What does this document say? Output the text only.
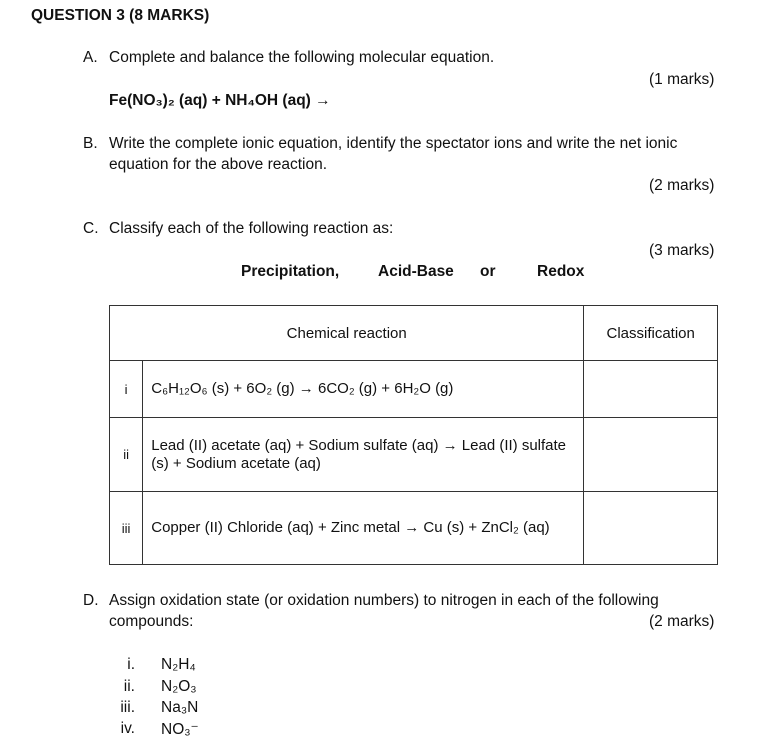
QUESTION 3 (8 MARKS)
A. Complete and balance the following molecular equation.
(1 marks)
Fe(NO₃)₂ (aq) + NH₄OH (aq) →
B. Write the complete ionic equation, identify the spectator ions and write the net ionic
equation for the above reaction.
(2 marks)
C. Classify each of the following reaction as:
(3 marks)
Precipitation,	Acid-Base or	Redox
Chemical reaction		Classification
i	C₆H₁₂O₆ (s) + 6O₂ (g) → 6CO₂ (g) + 6H₂O (g)	
ii	Lead (II) acetate (aq) + Sodium sulfate (aq) → Lead (II) sulfate (s) + Sodium acetate (aq)	
iii	Copper (II) Chloride (aq) + Zinc metal → Cu (s) + ZnCl₂ (aq)	
D. Assign oxidation state (or oxidation numbers) to nitrogen in each of the following
compounds:	(2 marks)
i. N₂H₄
ii. N₂O₃
iii. Na₃N
iv. NO₃⁻
